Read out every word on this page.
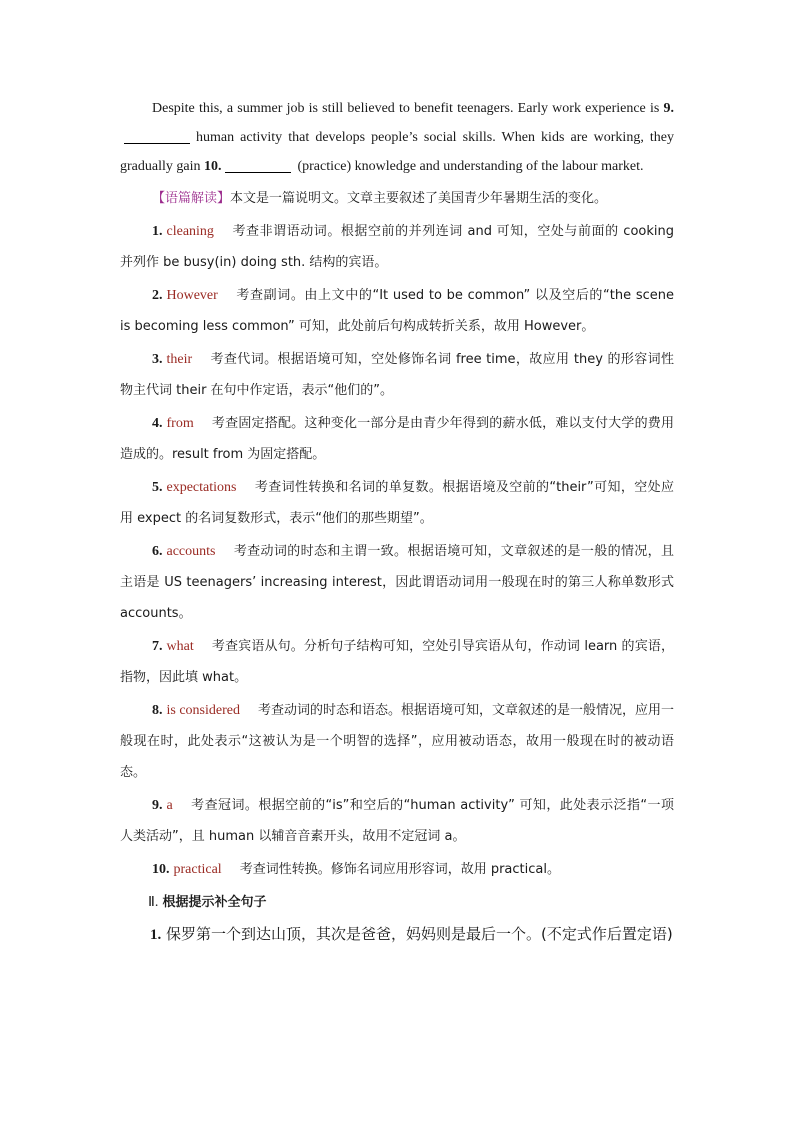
Despite this, a summer job is still believed to benefit teenagers. Early work experience is 9.human activity that develops people’s social skills. When kids are working, they gradually gain 10.	(practice) knowledge and understanding of the labour market.

【语篇解读】本文是一篇说明文。文章主要叙述了美国青少年暑期生活的变化。

1. cleaning 考查非谓语动词。根据空前的并列连词 and 可知，空处与前面的 cooking 并列作 be busy(in) doing sth. 结构的宾语。

2. However 考查副词。由上文中的“It used to be common” 以及空后的“the scene is becoming less common” 可知，此处前后句构成转折关系，故用 However。

3. their 考查代词。根据语境可知，空处修饰名词 free time，故应用 they 的形容词性物主代词 their 在句中作定语，表示“他们的”。

4. from 考查固定搭配。这种变化一部分是由青少年得到的薪水低，难以支付大学的费用造成的。result from 为固定搭配。

5. expectations 考查词性转换和名词的单复数。根据语境及空前的“their”可知，空处应用 expect 的名词复数形式，表示“他们的那些期望”。

6. accounts 考查动词的时态和主谓一致。根据语境可知，文章叙述的是一般的情况，且主语是 US teenagers’ increasing interest，因此谓语动词用一般现在时的第三人称单数形式 accounts。

7. what 考查宾语从句。分析句子结构可知，空处引导宾语从句，作动词 learn 的宾语，指物，因此填 what。

8. is considered 考查动词的时态和语态。根据语境可知，文章叙述的是一般情况，应用一般现在时，此处表示“这被认为是一个明智的选择”，应用被动语态，故用一般现在时的被动语态。

9. a 考查冠词。根据空前的“is”和空后的“human activity” 可知，此处表示泛指“一项人类活动”，且 human 以辅音音素开头，故用不定冠词 a。

10. practical 考查词性转换。修饰名词应用形容词，故用 practical。

Ⅱ. 根据提示补全句子
1. 保罗第一个到达山顶，其次是爸爸，妈妈则是最后一个。(不定式作后置定语)
